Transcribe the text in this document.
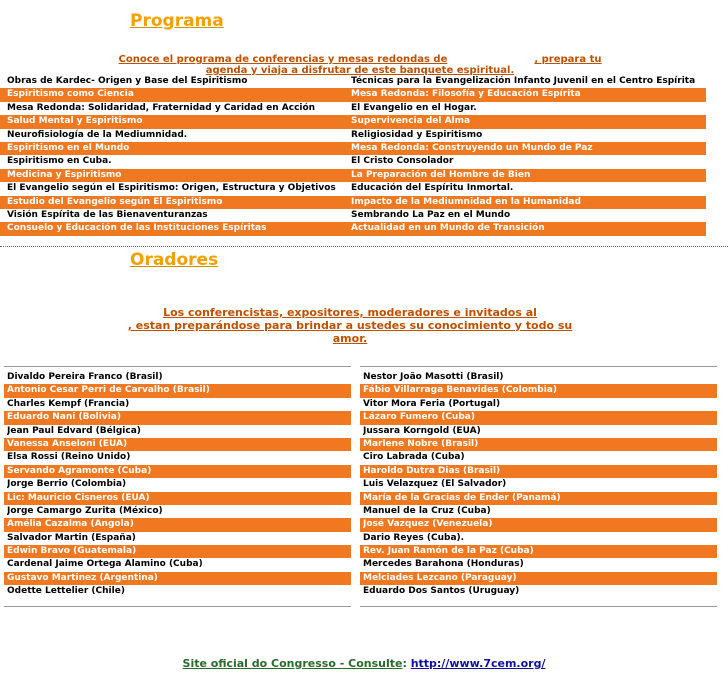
Programa
Conoce el programa de conferencias y mesas redondas de	, prepara tu
agenda y viaja a disfrutar de este banquete espiritual.
Obras de Kardec- Origen y Base del Espiritismo	Técnicas para la Evangelización Infanto Juvenil en el Centro Espírita
Espiritismo como Ciencia	Mesa Redonda: Filosofía y Educación Espírita
Mesa Redonda: Solidaridad, Fraternidad y Caridad en Acción	El Evangelio en el Hogar.
Salud Mental y Espiritismo	Supervivencia del Alma
Neurofisiología de la Mediumnidad.	Religiosidad y Espiritismo
Espiritismo en el Mundo	Mesa Redonda: Construyendo un Mundo de Paz
Espiritismo en Cuba.	El Cristo Consolador
Medicina y Espiritismo	La Preparación del Hombre de Bien
El Evangelio según el Espiritismo: Origen, Estructura y Objetivos	Educación del Espíritu Inmortal.
Estudio del Evangelio según El Espiritismo	Impacto de la Mediumnidad en la Humanidad
Visión Espírita de las Bienaventuranzas	Sembrando La Paz en el Mundo
Consuelo y Educación de las Instituciones Espíritas	Actualidad en un Mundo de Transición
Oradores
Los conferencistas, expositores, moderadores e invitados al
, estan preparándose para brindar a ustedes su conocimiento y todo su
amor.
Divaldo Pereira Franco (Brasil)
Antonio Cesar Perri de Carvalho (Brasil)
Charles Kempf (Francia)
Eduardo Nani (Bolivia)
Jean Paul Edvard (Bélgica)
Vanessa Anseloni (EUA)
Elsa Rossi (Reino Unido)
Servando Agramonte (Cuba)
Jorge Berrio (Colombia)
Lic: Mauricio Cisneros (EUA)
Jorge Camargo Zurita (México)
Amélia Cazalma (Angola)
Salvador Martin (España)
Edwin Bravo (Guatemala)
Cardenal Jaime Ortega Alamino (Cuba)
Gustavo Martinez (Argentina)
Odette Lettelier (Chile)
Nestor João Masotti (Brasil)
Fábio Villarraga Benavides (Colombia)
Vitor Mora Feria (Portugal)
Lázaro Fumero (Cuba)
Jussara Korngold (EUA)
Marlene Nobre (Brasil)
Ciro Labrada (Cuba)
Haroldo Dutra Dias (Brasil)
Luis Velazquez (El Salvador)
María de la Gracias de Ender (Panamá)
Manuel de la Cruz (Cuba)
José Vazquez (Venezuela)
Dario Reyes (Cuba).
Rev. Juan Ramón de la Paz (Cuba)
Mercedes Barahona (Honduras)
Melciades Lezcano (Paraguay)
Eduardo Dos Santos (Uruguay)
Site oficial do Congresso - Consulte: http://www.7cem.org/
